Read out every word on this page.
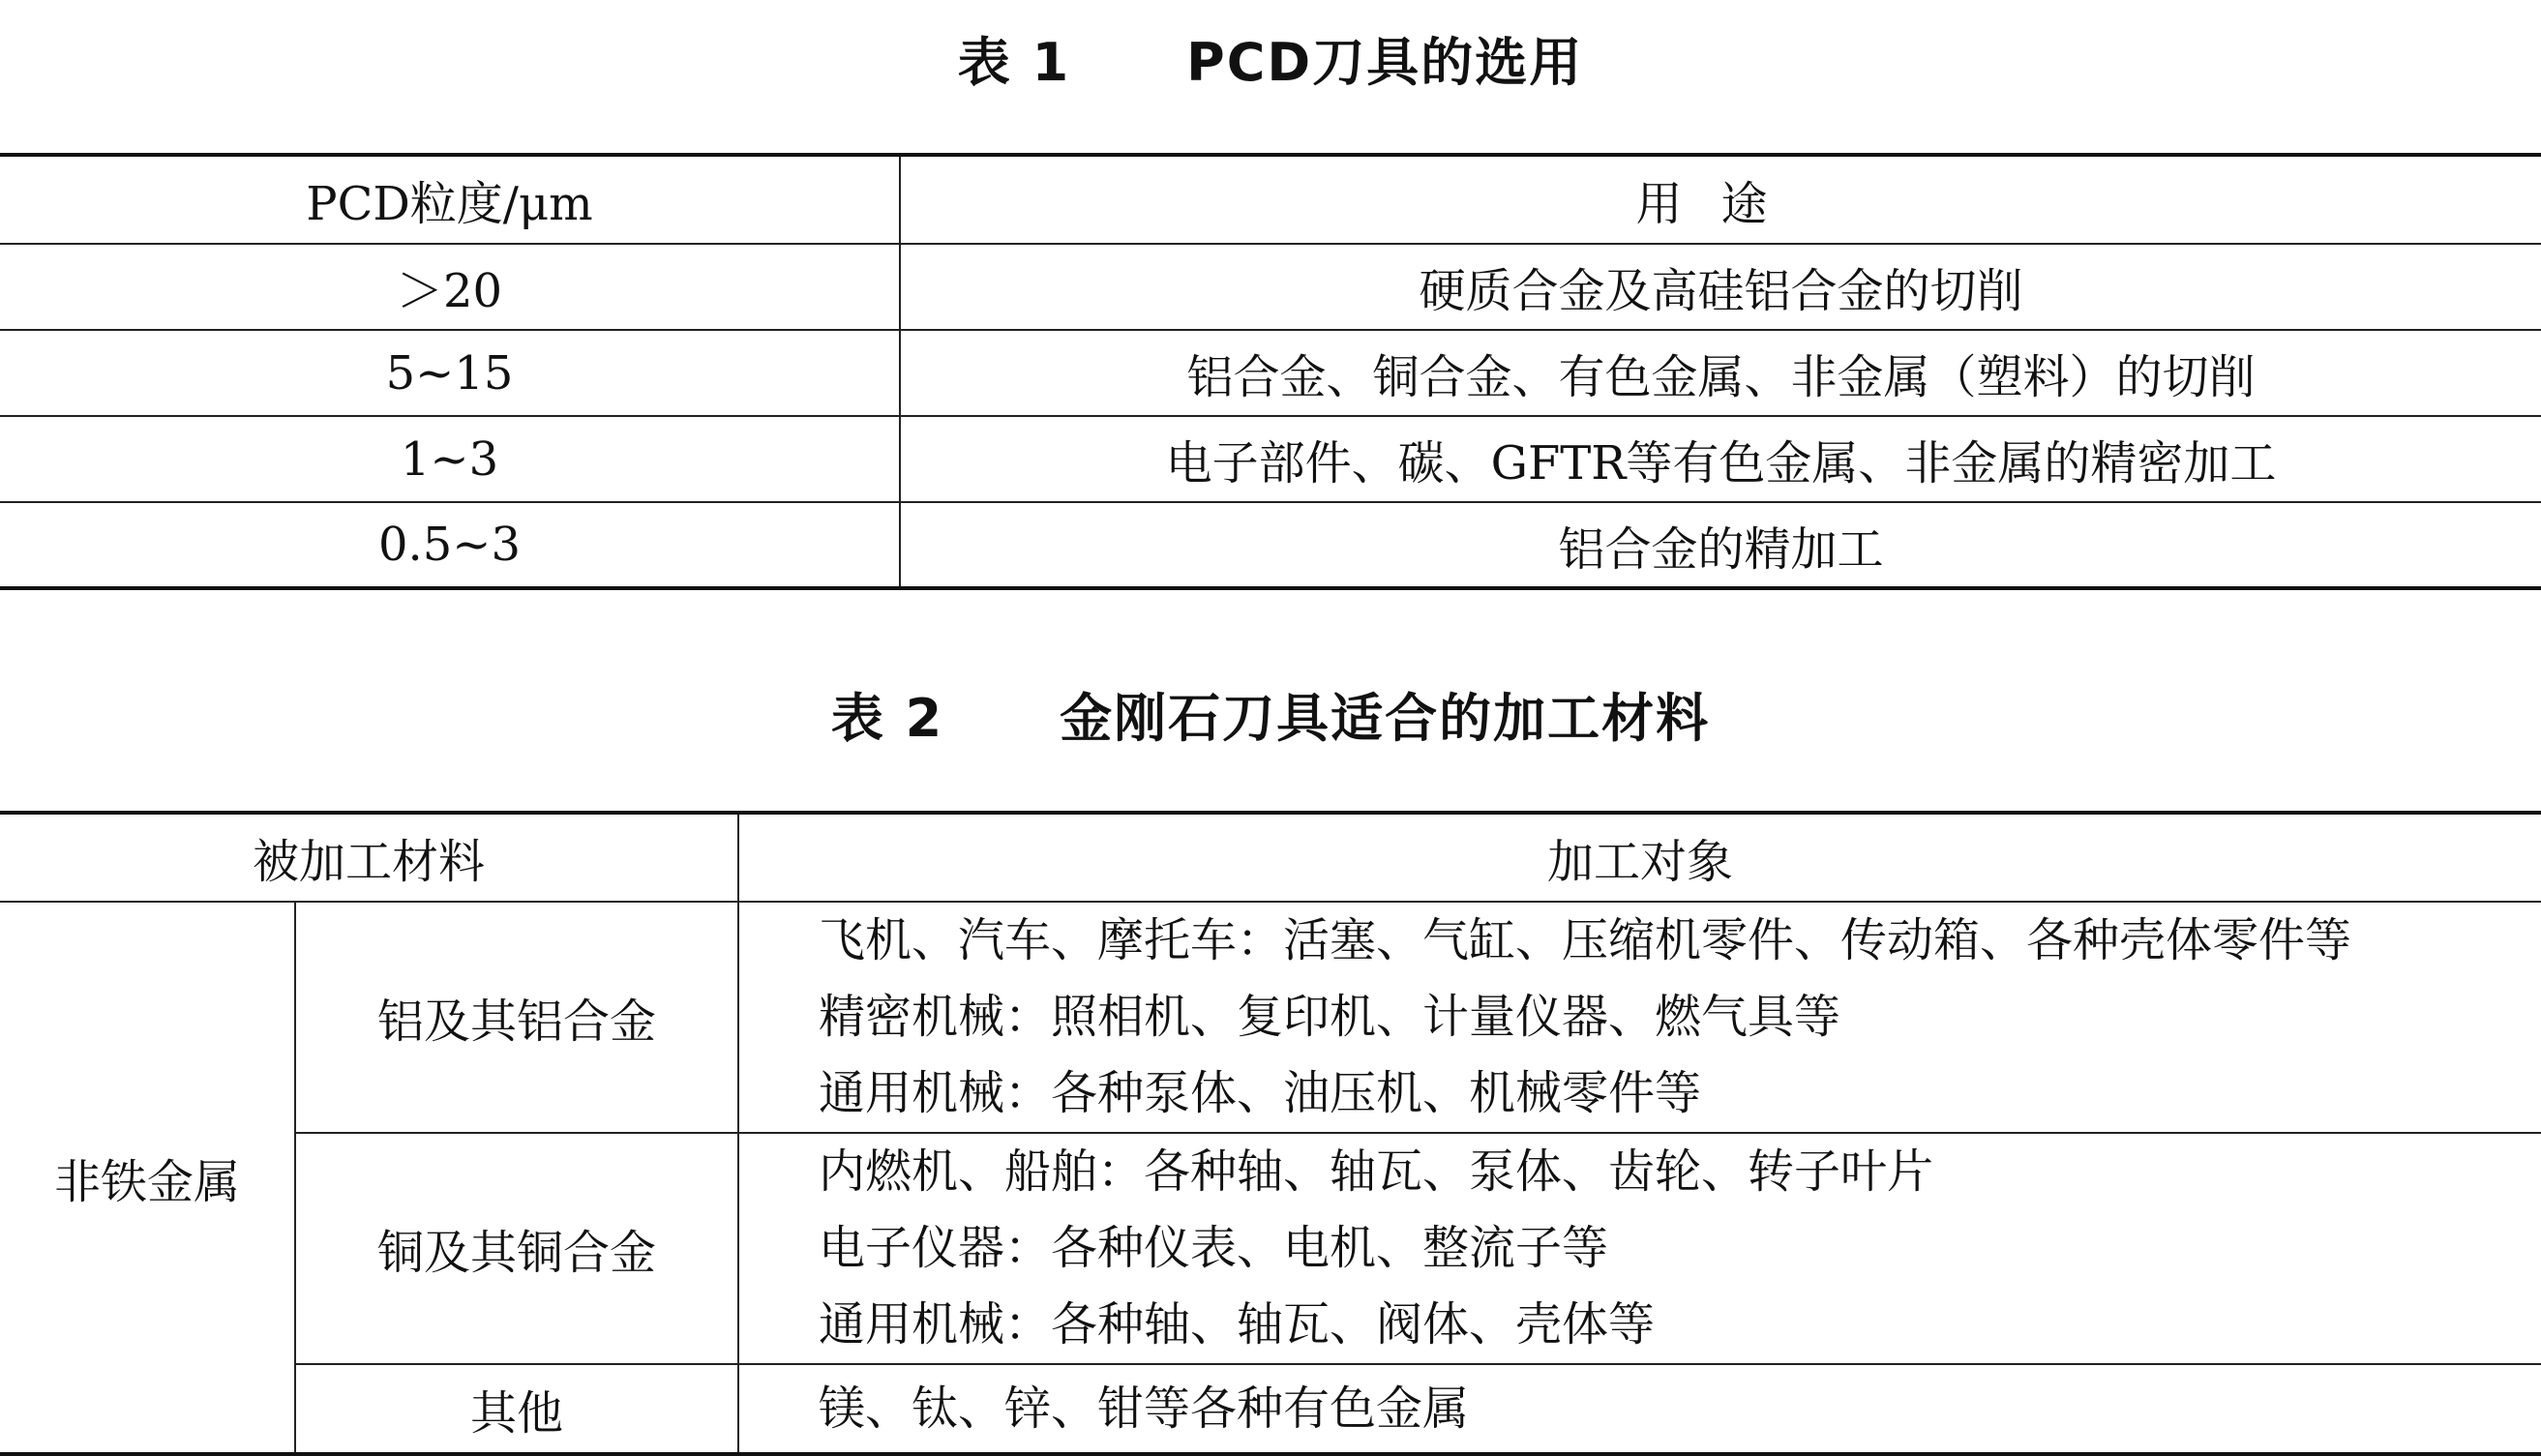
表 1 PCD刀具的选用
PCD粒度/μm	用途
＞20	硬质合金及高硅铝合金的切削
5~15	铝合金、铜合金、有色金属、非金属（塑料）的切削
1~3	电子部件、碳、GFTR等有色金属、非金属的精密加工
0.5~3	铝合金的精加工
表 2 金刚石刀具适合的加工材料
被加工材料		加工对象
非铁金属	铝及其铝合金	飞机、汽车、摩托车：活塞、气缸、压缩机零件、传动箱、各种壳体零件等
精密机械：照相机、复印机、计量仪器、燃气具等
通用机械：各种泵体、油压机、机械零件等

	铜及其铜合金	内燃机、船舶：各种轴、轴瓦、泵体、齿轮、转子叶片
电子仪器：各种仪表、电机、整流子等
通用机械：各种轴、轴瓦、阀体、壳体等

	其他	镁、钛、锌、钳等各种有色金属
